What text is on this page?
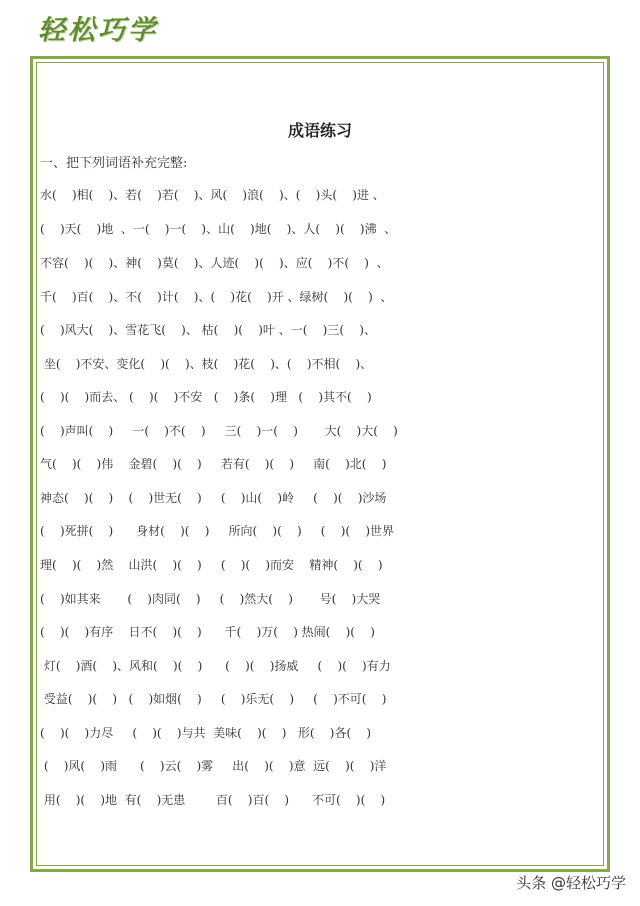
轻松巧学
成语练习
一、把下列词语补充完整:
水(    )相(    )、若(    )若(    )、风(    )浪(    )、(    )头(    )进 、
(    )天(    )地  、一(    )一(    )、山(    )地(    )、人(    )(    )沸  、
不容(    )(    )、神(    )莫(    )、人迹(    )(    )、应(    )不(    )  、
千(    )百(    )、不(    )计(    )、(    )花(    )开 、绿树(    )(    )  、
(    )风大(    )、雪花飞(    )、 枯(    )(    )叶 、一(    )三(    )、
坐(    )不安、变化(    )(    )、枝(    )花(    )、(    )不相(    )、
(    )(    )而去、 (    )(    )不安   (    )条(    )理   (    )其不(    )
(    )声叫(    )     一(    )不(    )     三(    )一(    )       大(    )大(    )
气(    )(    )伟    金碧(    )(    )     若有(    )(    )     南(    )北(    )
神态(    )(    )    (    )世无(    )     (    )山(    )岭     (    )(    )沙场
(    )死拼(    )      身材(    )(    )     所向(    )(    )     (    )(    )世界
理(    )(    )然    山洪(    )(    )     (    )(    )而安    精神(    )(    )
(    )如其来       (    )肉同(    )     (    )然大(    )       号(    )大哭
(    )(    )有序    日不(    )(    )      千(    )万(    ) 热闹(    )(    )
灯(    )酒(    )、风和(    )(    )      (    )(    )扬威     (    )(    )有力
受益(    )(    )   (    )如烟(    )     (    )乐无(    )     (    )不可(    )
(    )(    )力尽     (    )(    )与共  美味(    )(    )   形(    )各(    )
(    )风(    )雨      (    )云(    )雾     出(    )(    )意  远(    )(    )洋
用(    )(    )地  有(    )无患        百(    )百(    )      不可(    )(    )
头条 @轻松巧学
